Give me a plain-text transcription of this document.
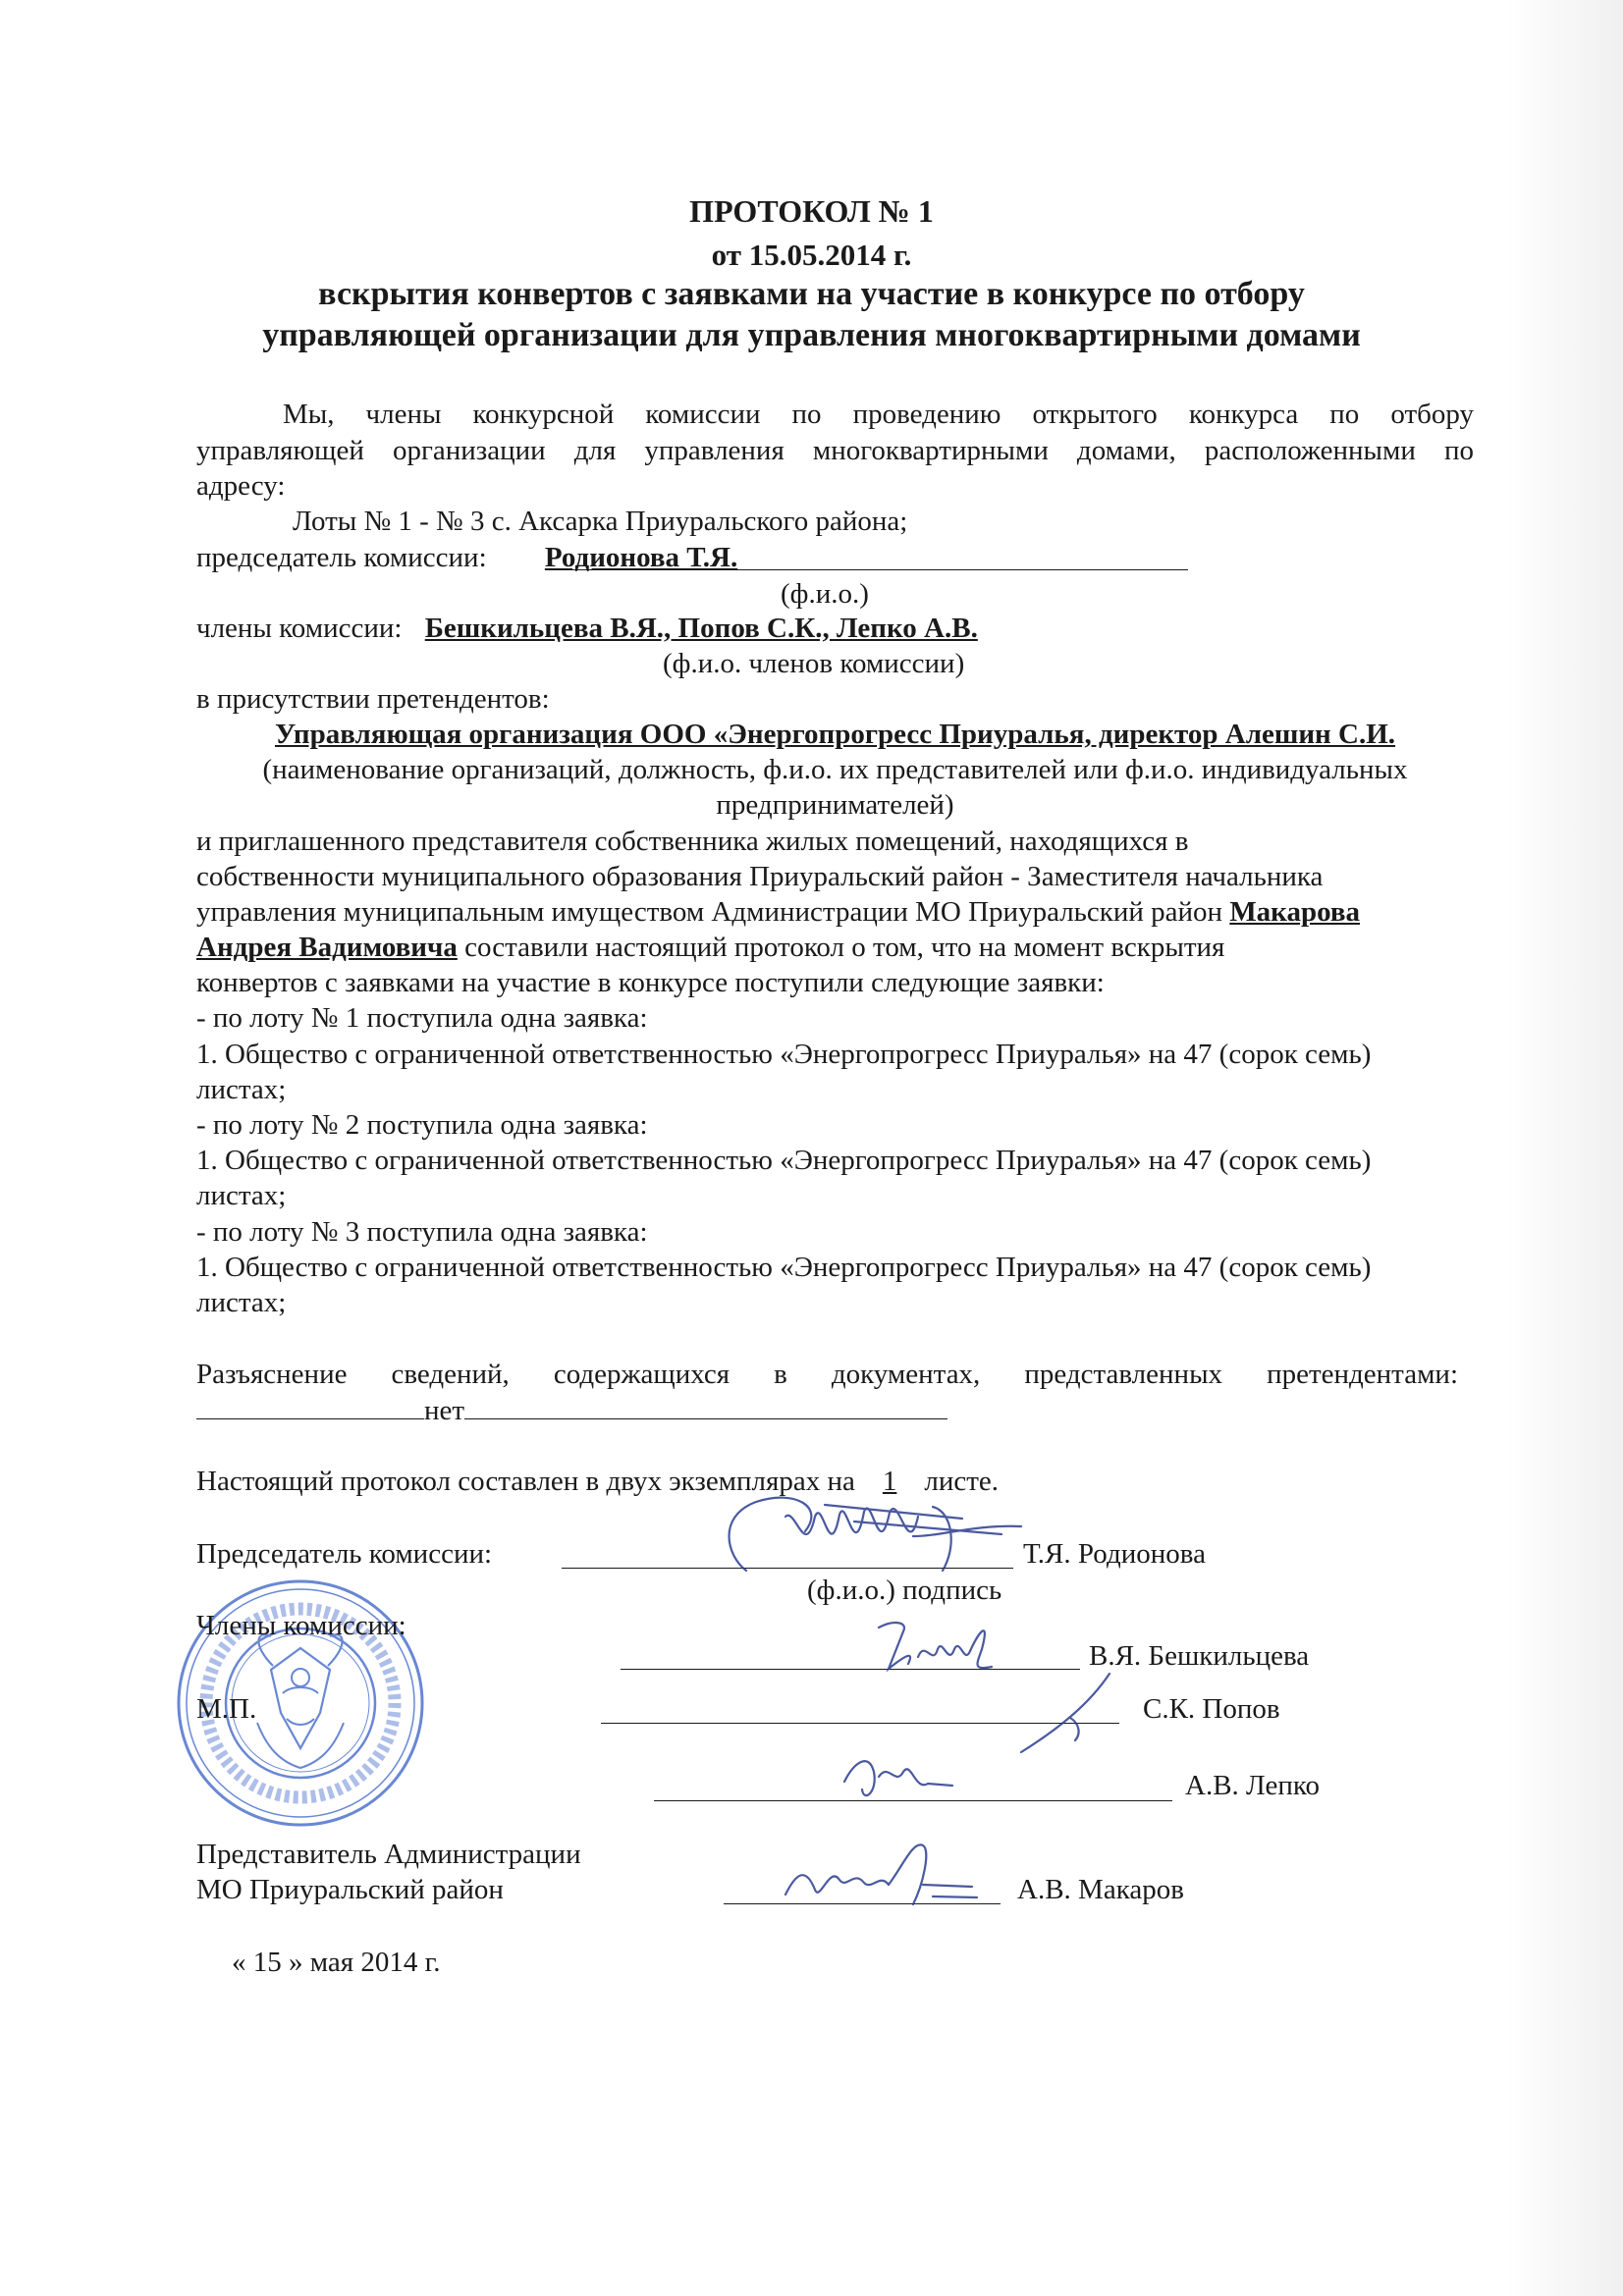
ПРОТОКОЛ № 1
от 15.05.2014 г.
вскрытия конвертов с заявками на участие в конкурсе по отбору
управляющей организации для управления многоквартирными домами
Мы, члены конкурсной комиссии по проведению открытого конкурса по отбору
управляющей организации для управления многоквартирными домами, расположенными по
адресу:
Лоты № 1 - № 3 с. Аксарка Приуральского района;
председатель комиссии: Родионова Т.Я.
(ф.и.о.)
члены комиссии: Бешкильцева В.Я., Попов С.К., Лепко А.В.
(ф.и.о. членов комиссии)
в присутствии претендентов:
Управляющая организация ООО «Энергопрогресс Приуралья, директор Алешин С.И.
(наименование организаций, должность, ф.и.о. их представителей или ф.и.о. индивидуальных
предпринимателей)
и приглашенного представителя собственника жилых помещений, находящихся в
собственности муниципального образования Приуральский район - Заместителя начальника
управления муниципальным имуществом Администрации МО Приуральский район Макарова
Андрея Вадимовича составили настоящий протокол о том, что на момент вскрытия
конвертов с заявками на участие в конкурсе поступили следующие заявки:
- по лоту № 1 поступила одна заявка:
1. Общество с ограниченной ответственностью «Энергопрогресс Приуралья» на 47 (сорок семь)
листах;
- по лоту № 2 поступила одна заявка:
1. Общество с ограниченной ответственностью «Энергопрогресс Приуралья» на 47 (сорок семь)
листах;
- по лоту № 3 поступила одна заявка:
1. Общество с ограниченной ответственностью «Энергопрогресс Приуралья» на 47 (сорок семь)
листах;
Разъяснение сведений, содержащихся в документах, представленных претендентами:
нет
Настоящий протокол составлен в двух экземплярах на 1 листе.
Председатель комиссии:	Т.Я. Родионова
(ф.и.о.) подпись
Члены комиссии:
В.Я. Бешкильцева
М.П.	С.К. Попов
А.В. Лепко
Представитель Администрации
МО Приуральский район	А.В. Макаров
« 15 » мая 2014 г.
